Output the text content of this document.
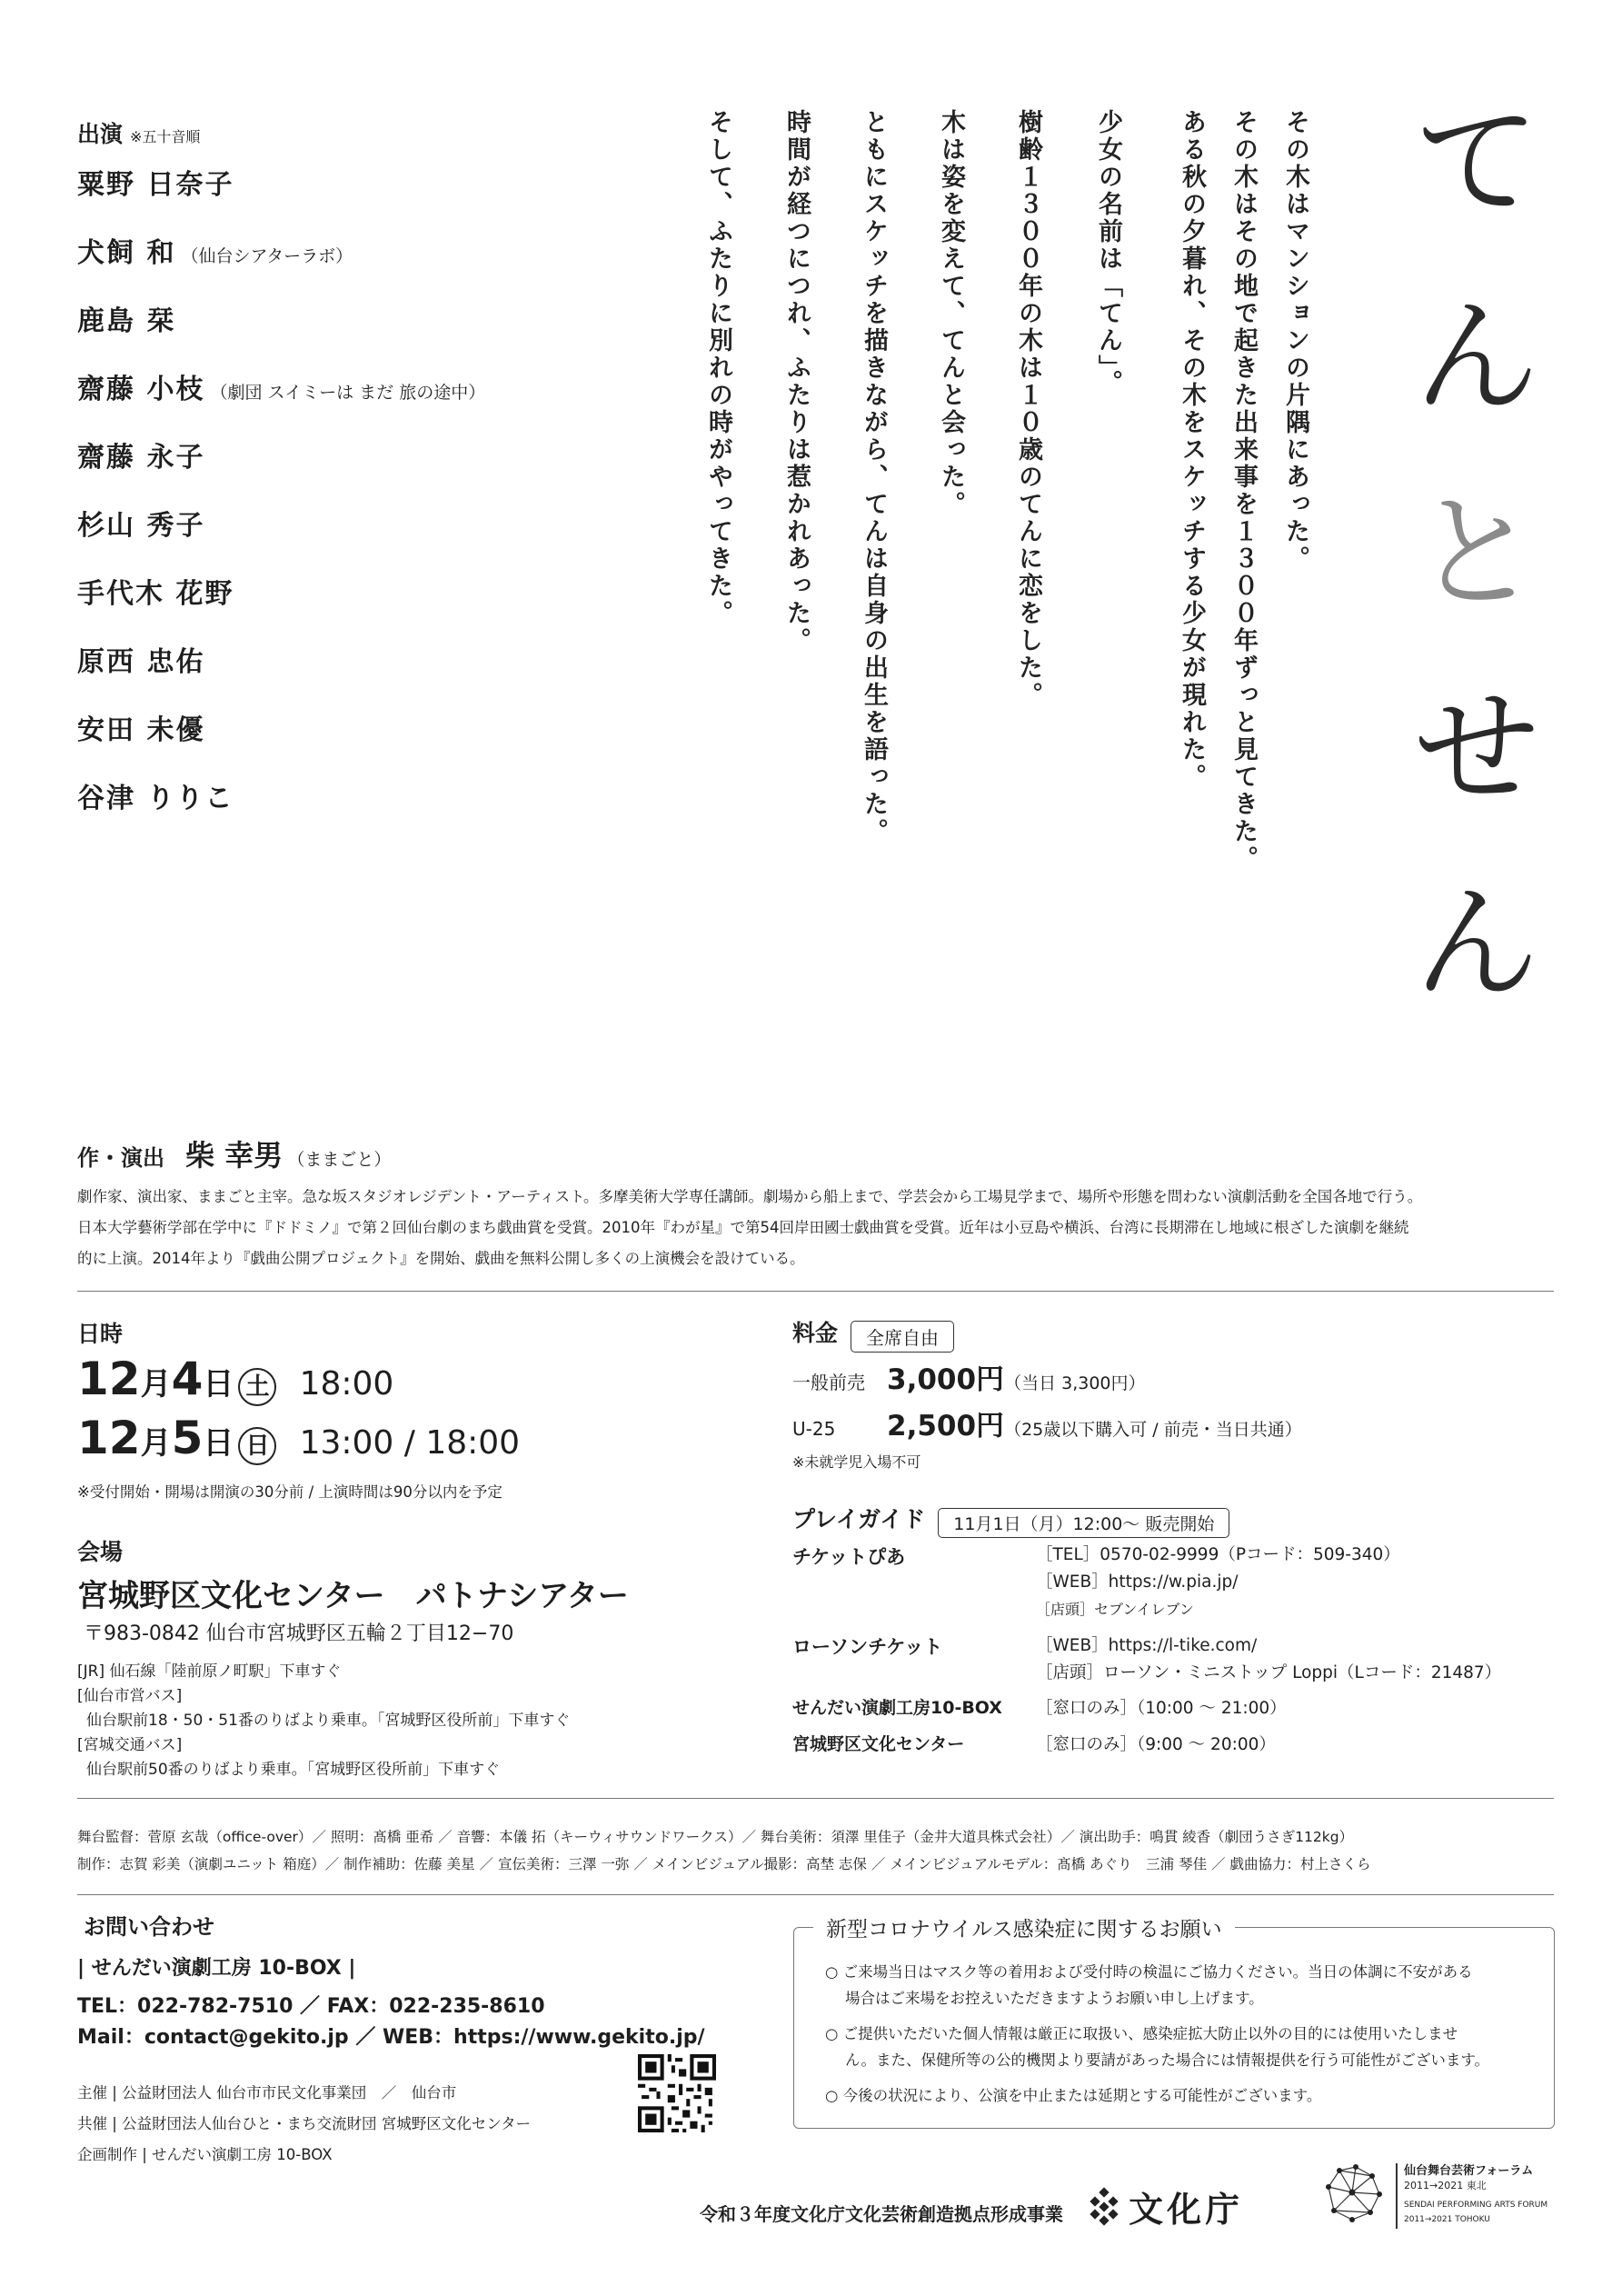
て
ん
と
せ
ん
その木はマンションの片隅にあった。
その木はその地で起きた出来事を１３００年ずっと見てきた。
ある秋の夕暮れ、その木をスケッチする少女が現れた。
少女の名前は「てん」。
樹齢１３００年の木は１０歳のてんに恋をした。
木は姿を変えて、てんと会った。
ともにスケッチを描きながら、てんは自身の出生を語った。
時間が経つにつれ、ふたりは惹かれあった。
そして、ふたりに別れの時がやってきた。
出演 ※五十音順
粟野 日奈子
犬飼 和 （仙台シアターラボ）
鹿島 栞
齋藤 小枝 （劇団 スイミーは まだ 旅の途中）
齋藤 永子
杉山 秀子
手代木 花野
原西 忠佑
安田 未優
谷津 りりこ
作・演出 柴 幸男 （ままごと）
劇作家、演出家、ままごと主宰。急な坂スタジオレジデント・アーティスト。多摩美術大学専任講師。劇場から船上まで、学芸会から工場見学まで、場所や形態を問わない演劇活動を全国各地で行う。
日本大学藝術学部在学中に『ドドミノ』で第２回仙台劇のまち戯曲賞を受賞。2010年『わが星』で第54回岸田國士戯曲賞を受賞。近年は小豆島や横浜、台湾に長期滞在し地域に根ざした演劇を継続
的に上演。2014年より『戯曲公開プロジェクト』を開始、戯曲を無料公開し多くの上演機会を設けている。
日時
12月4日 土 18:00
12月5日 日 13:00 / 18:00
※受付開始・開場は開演の30分前 / 上演時間は90分以内を予定
会場
宮城野区文化センター　パトナシアター
〒983-0842 仙台市宮城野区五輪２丁目12−70
[JR] 仙石線「陸前原ノ町駅」下車すぐ
[仙台市営バス]
仙台駅前18・50・51番のりばより乗車。「宮城野区役所前」下車すぐ
[宮城交通バス]
仙台駅前50番のりばより乗車。「宮城野区役所前」下車すぐ
料金 全席自由
一般前売 3,000円（当日 3,300円）
U-25 2,500円（25歳以下購入可 / 前売・当日共通）
※未就学児入場不可
プレイガイド 11月1日（月）12:00〜 販売開始
チケットぴあ	［TEL］0570-02-9999（Pコード：509-340）
［WEB］https://w.pia.jp/
［店頭］セブンイレブン
ローソンチケット	［WEB］https://l-tike.com/
［店頭］ローソン・ミニストップ Loppi（Lコード：21487）
せんだい演劇工房10-BOX ［窓口のみ］（10:00 〜 21:00）
宮城野区文化センター	［窓口のみ］（9:00 〜 20:00）
舞台監督：菅原 玄哉（office-over）／ 照明：髙橋 亜希 ／ 音響：本儀 拓（キーウィサウンドワークス）／ 舞台美術：須澤 里佳子（金井大道具株式会社）／ 演出助手：鳴貫 綾香（劇団うさぎ112kg）
制作：志賀 彩美（演劇ユニット 箱庭）／ 制作補助：佐藤 美星 ／ 宣伝美術：三澤 一弥 ／ メインビジュアル撮影：高埜 志保 ／ メインビジュアルモデル：髙橋 あぐり　三浦 琴佳 ／ 戯曲協力：村上さくら
お問い合わせ
| せんだい演劇工房 10-BOX |
TEL：022-782-7510 ／ FAX：022-235-8610
Mail：contact@gekito.jp ／ WEB：https://www.gekito.jp/
主催 | 公益財団法人 仙台市市民文化事業団　／　仙台市
共催 | 公益財団法人仙台ひと・まち交流財団 宮城野区文化センター
企画制作 | せんだい演劇工房 10-BOX
新型コロナウイルス感染症に関するお願い
○ ご来場当日はマスク等の着用および受付時の検温にご協力ください。当日の体調に不安がある
場合はご来場をお控えいただきますようお願い申し上げます。
○ ご提供いただいた個人情報は厳正に取扱い、感染症拡大防止以外の目的には使用いたしませ
ん。また、保健所等の公的機関より要請があった場合には情報提供を行う可能性がございます。
○ 今後の状況により、公演を中止または延期とする可能性がございます。
令和３年度文化庁文化芸術創造拠点形成事業	文化庁
仙台舞台芸術フォーラム
2011→2021 東北
SENDAI PERFORMING ARTS FORUM
2011→2021 TOHOKU
